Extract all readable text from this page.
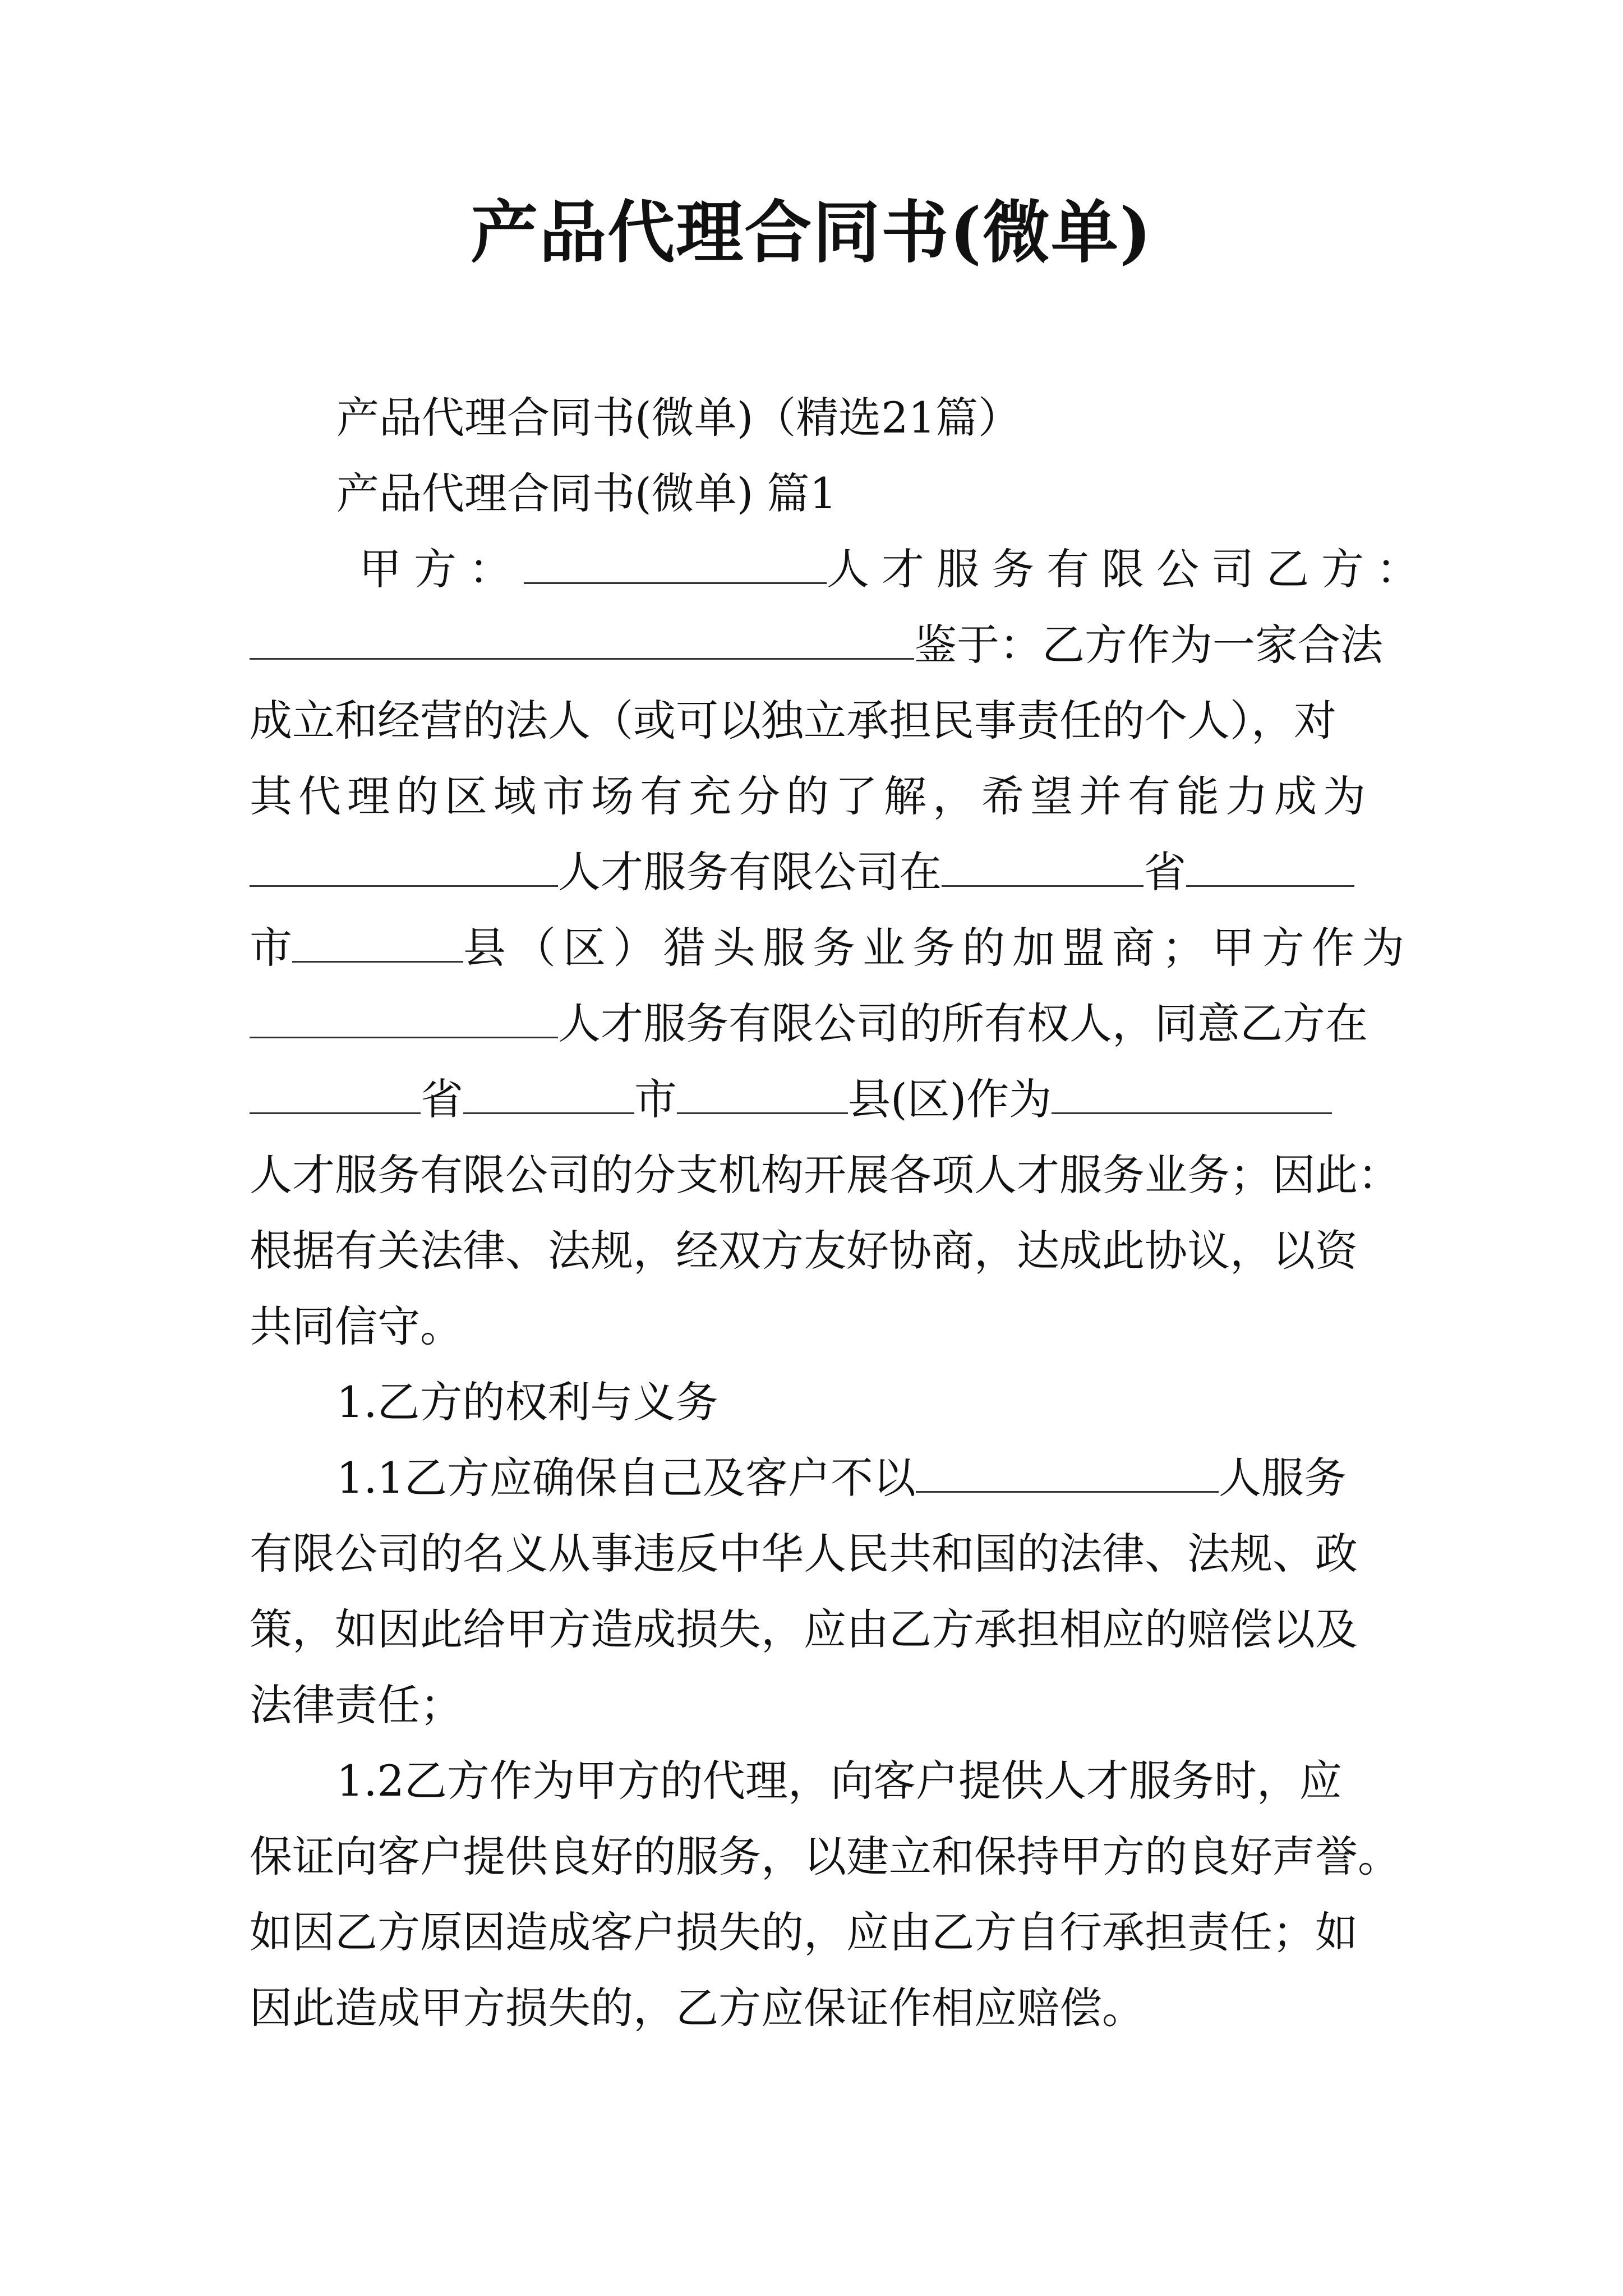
产品代理合同书(微单)
产品代理合同书(微单)（精选21篇）
产品代理合同书(微单) 篇1
甲方：	人才服务有限公司乙方：
鉴于：乙方作为一家合法
成立和经营的法人（或可以独立承担民事责任的个人），对
其代理的区域市场有充分的了解，希望并有能力成为
人才服务有限公司在	省
市	县（区）猎头服务业务的加盟商；甲方作为
人才服务有限公司的所有权人，同意乙方在
省	市	县(区)作为
人才服务有限公司的分支机构开展各项人才服务业务；因此：
根据有关法律、法规，经双方友好协商，达成此协议，以资
共同信守。
1.乙方的权利与义务
1.1乙方应确保自己及客户不以	人服务
有限公司的名义从事违反中华人民共和国的法律、法规、政
策，如因此给甲方造成损失，应由乙方承担相应的赔偿以及
法律责任；
1.2乙方作为甲方的代理，向客户提供人才服务时，应
保证向客户提供良好的服务，以建立和保持甲方的良好声誉。
如因乙方原因造成客户损失的，应由乙方自行承担责任；如
因此造成甲方损失的，乙方应保证作相应赔偿。
